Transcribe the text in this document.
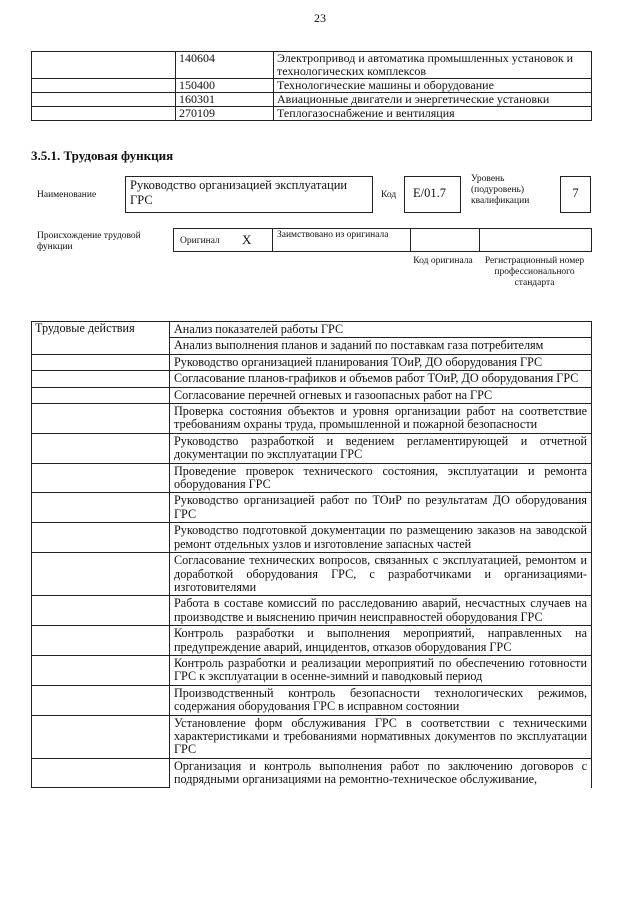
23
	140604	Электропривод и автоматика промышленных установок и технологических комплексов
	150400	Технологические машины и оборудование
	160301	Авиационные двигатели и энергетические установки
	270109	Теплогазоснабжение и вентиляция
3.5.1. Трудовая функция
Наименование
Руководство организацией эксплуатации ГРС	Код	E/01.7
Уровень (подуровень) квалификации
7
Происхождение трудовой функции
Оригинал X	Заимствовано из оригинала
Код оригинала	Регистрационный номер профессионального стандарта
Трудовые действия	Анализ показателей работы ГРС
	Анализ выполнения планов и заданий по поставкам газа потребителям
	Руководство организацией планирования ТОиР, ДО оборудования ГРС
	Согласование планов-графиков и объемов работ ТОиР, ДО оборудования ГРС
	Согласование перечней огневых и газоопасных работ на ГРС
	Проверка состояния объектов и уровня организации работ на соответствие требованиям охраны труда, промышленной и пожарной безопасности
	Руководство разработкой и ведением регламентирующей и отчетной документации по эксплуатации ГРС
	Проведение проверок технического состояния, эксплуатации и ремонта оборудования ГРС
	Руководство организацией работ по ТОиР по результатам ДО оборудования ГРС
	Руководство подготовкой документации по размещению заказов на заводской ремонт отдельных узлов и изготовление запасных частей
	Согласование технических вопросов, связанных с эксплуатацией, ремонтом и доработкой оборудования ГРС, с разработчиками и организациями-изготовителями
	Работа в составе комиссий по расследованию аварий, несчастных случаев на производстве и выяснению причин неисправностей оборудования ГРС
	Контроль разработки и выполнения мероприятий, направленных на предупреждение аварий, инцидентов, отказов оборудования ГРС
	Контроль разработки и реализации мероприятий по обеспечению готовности ГРС к эксплуатации в осенне-зимний и паводковый период
	Производственный контроль безопасности технологических режимов, содержания оборудования ГРС в исправном состоянии
	Установление форм обслуживания ГРС в соответствии с техническими характеристиками и требованиями нормативных документов по эксплуатации ГРС
	Организация и контроль выполнения работ по заключению договоров с подрядными организациями на ремонтно-техническое обслуживание,
